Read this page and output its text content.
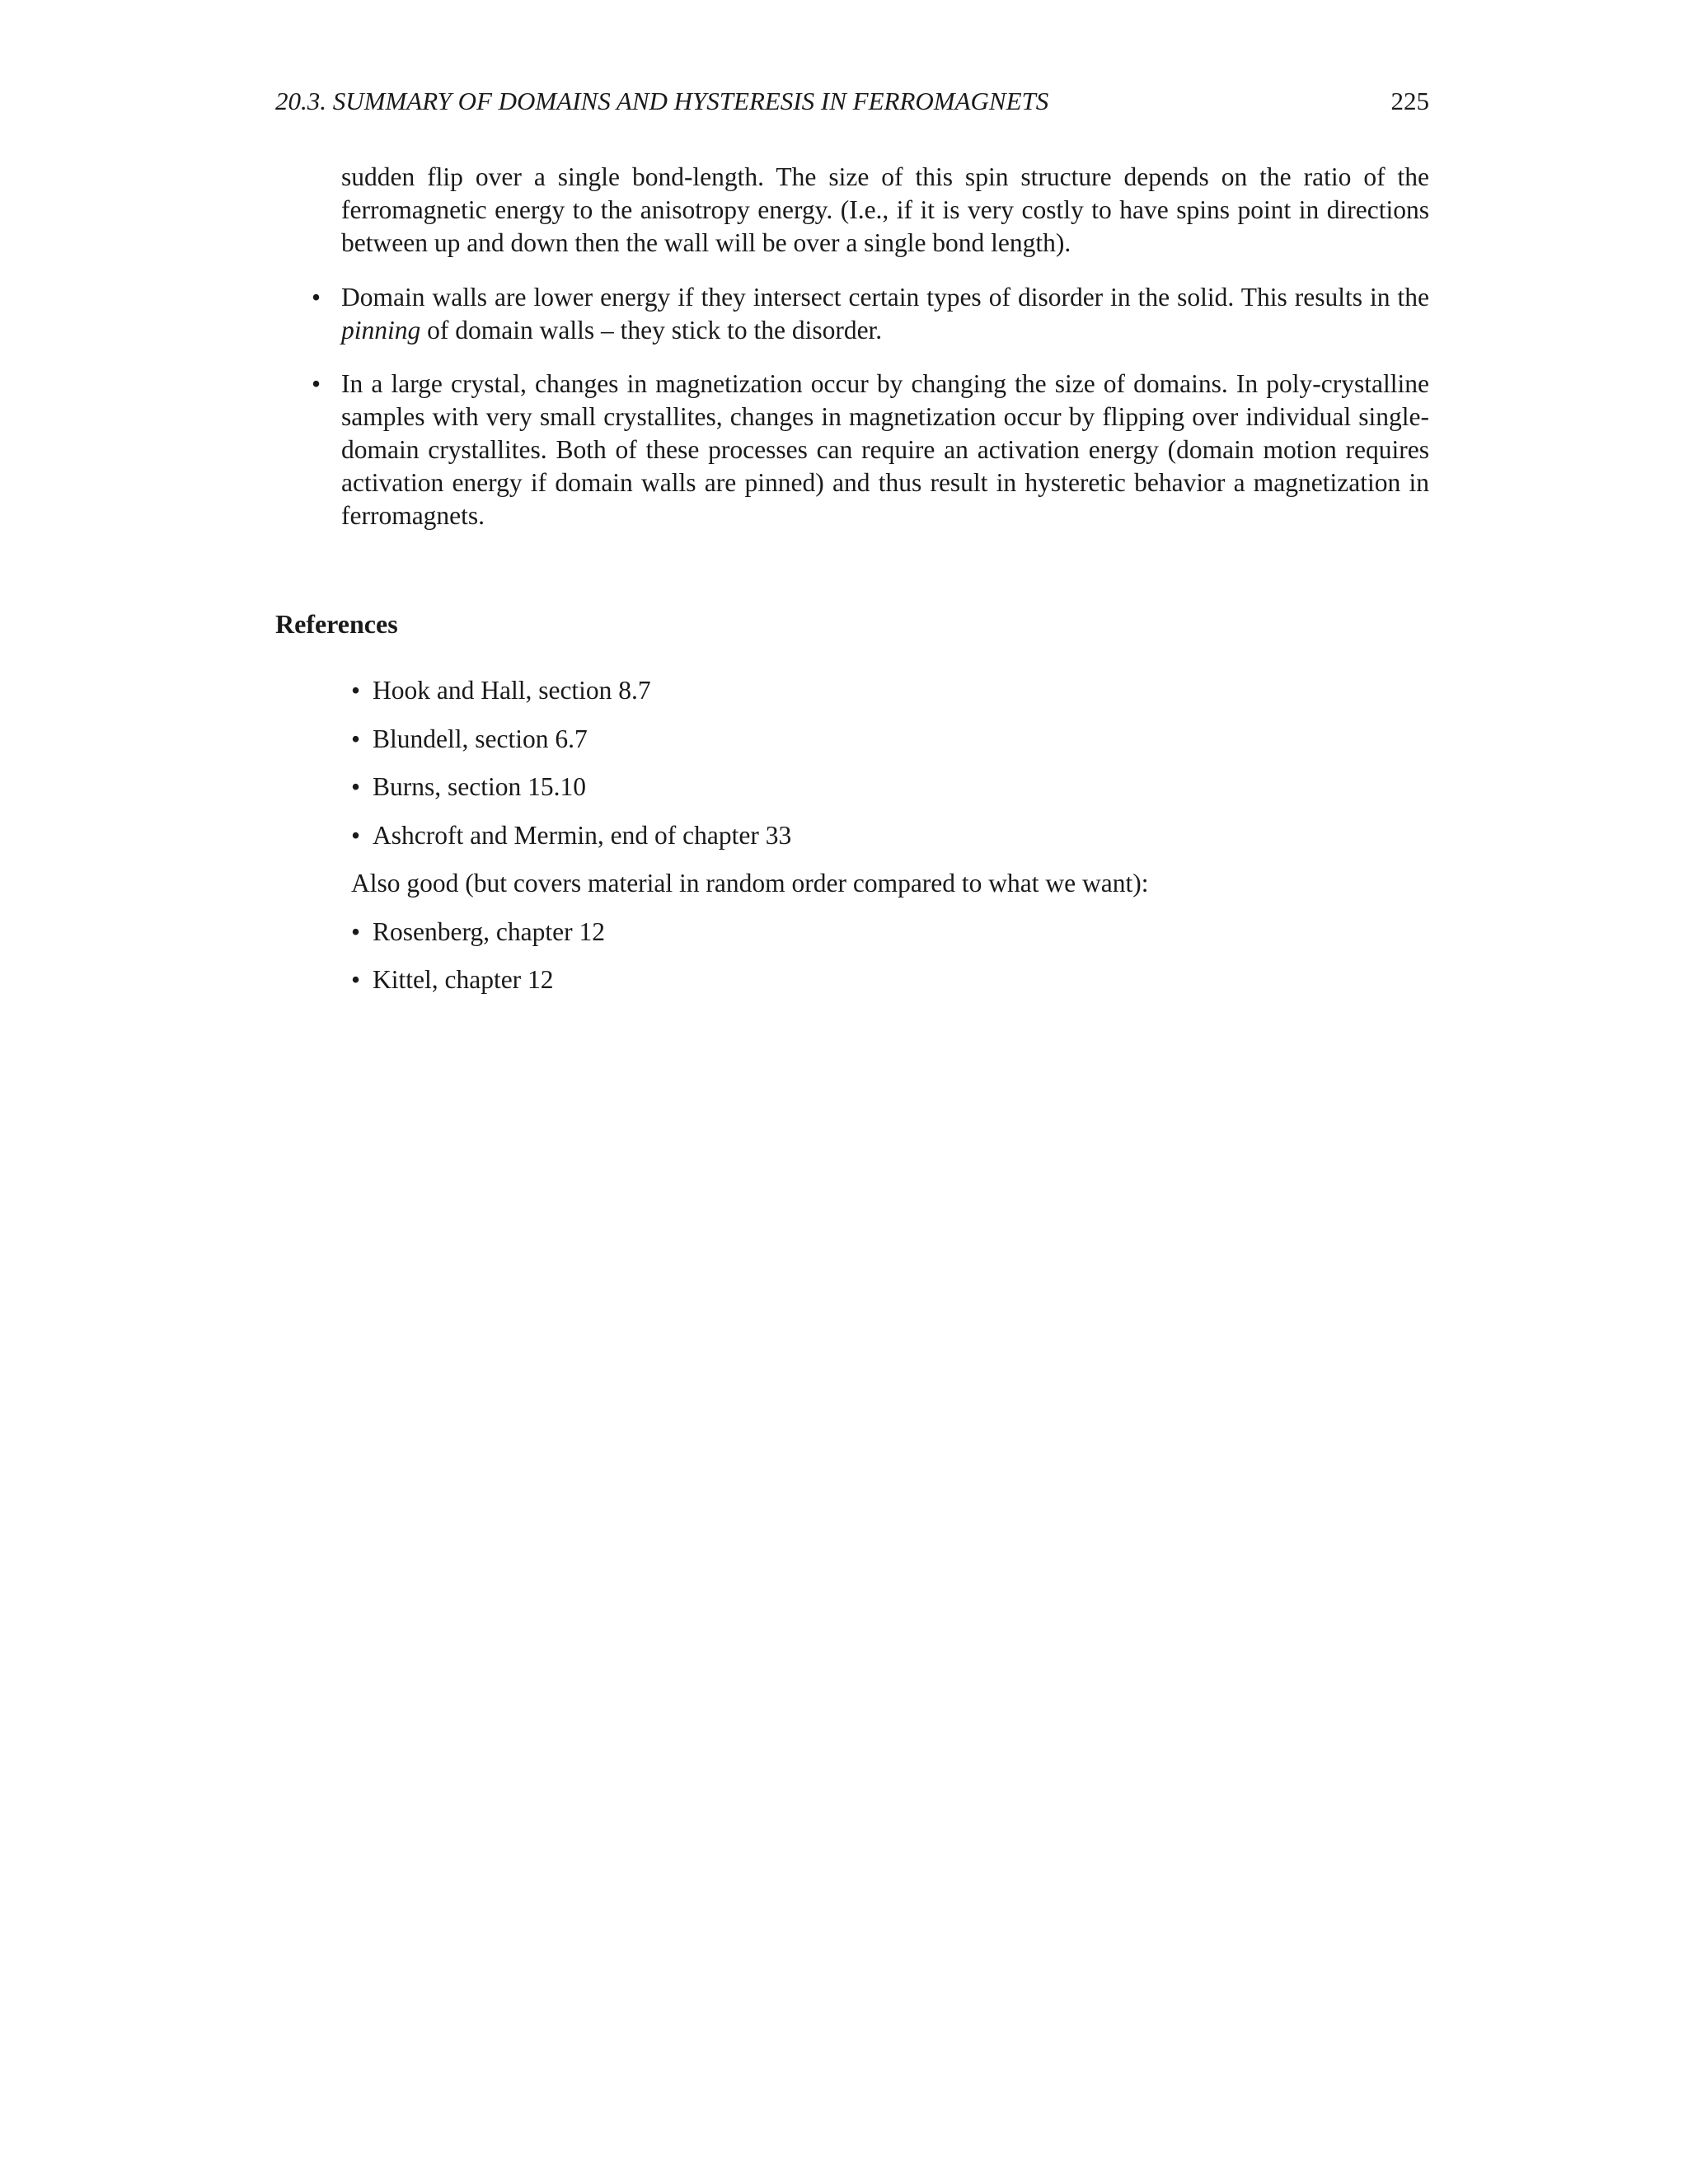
20.3. SUMMARY OF DOMAINS AND HYSTERESIS IN FERROMAGNETS	225
sudden flip over a single bond-length. The size of this spin structure depends on the ratio of the ferromagnetic energy to the anisotropy energy. (I.e., if it is very costly to have spins point in directions between up and down then the wall will be over a single bond length).
• Domain walls are lower energy if they intersect certain types of disorder in the solid. This results in the pinning of domain walls – they stick to the disorder.
• In a large crystal, changes in magnetization occur by changing the size of domains. In poly-crystalline samples with very small crystallites, changes in magnetization occur by flipping over individual single-domain crystallites. Both of these processes can require an activation energy (domain motion requires activation energy if domain walls are pinned) and thus result in hysteretic behavior a magnetization in ferromagnets.
References
• Hook and Hall, section 8.7
• Blundell, section 6.7
• Burns, section 15.10
• Ashcroft and Mermin, end of chapter 33
Also good (but covers material in random order compared to what we want):
• Rosenberg, chapter 12
• Kittel, chapter 12
